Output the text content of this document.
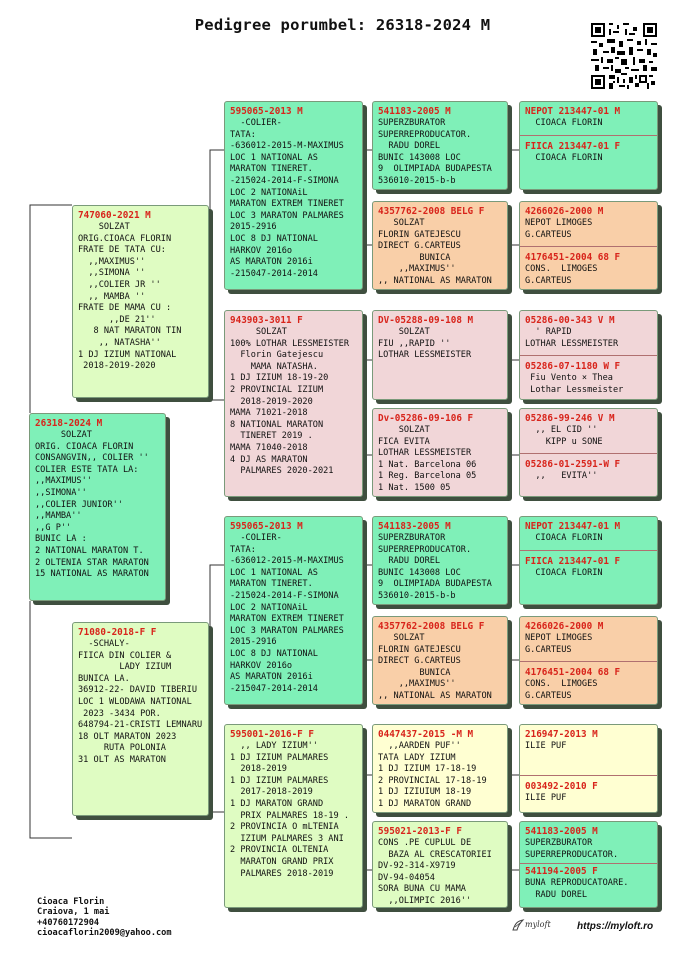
Pedigree porumbel: 26318-2024 M
26318-2024 M
SOLZAT
ORIG. CIOACA FLORIN
CONSANGVIN,, COLIER ''
COLIER ESTE TATA LA:
,,MAXIMUS''
,,SIMONA''
,,COLIER JUNIOR''
,,MAMBA''
,,G P''
BUNIC LA :
2 NATIONAL MARATON T.
2 OLTENIA STAR MARATON
15 NATIONAL AS MARATON
747060-2021 M
SOLZAT
ORIG.CIOACA FLORIN
FRATE DE TATA CU:
,,MAXIMUS''
,,SIMONA ''
,,COLIER JR ''
,, MAMBA ''
FRATE DE MAMA CU :
,,DE 21''
8 NAT MARATON TIN
,, NATASHA''
1 DJ IZIUM NATIONAL
2018-2019-2020
71080-2018-F F
-SCHALY-
FIICA DIN COLIER &
LADY IZIUM
BUNICA LA.
36912-22- DAVID TIBERIU
LOC 1 WLODAWA NATIONAL
2023 -3434 POR.
648794-21-CRISTI LEMNARU
18 OLT MARATON 2023
RUTA POLONIA
31 OLT AS MARATON
595065-2013 M
-COLIER-
TATA:
-636012-2015-M-MAXIMUS
LOC 1 NATIONAL AS
MARATON TINERET.
-215024-2014-F-SIMONA
LOC 2 NATIONAiL
MARATON EXTREM TINERET
LOC 3 MARATON PALMARES
2015-2916
LOC 8 DJ NATIONAL
HARKOV 2016o
AS MARATON 2016i
-215047-2014-2014
943903-3011 F
SOLZAT
100% LOTHAR LESSMEISTER
Florin Gatejescu
MAMA NATASHA.
1 DJ IZIUM 18-19-20
2 PROVINCIAL IZIUM
2018-2019-2020
MAMA 71021-2018
8 NATIONAL MARATON
TINERET 2019 .
MAMA 71040-2018
4 DJ AS MARATON
PALMARES 2020-2021
595065-2013 M
-COLIER-
TATA:
-636012-2015-M-MAXIMUS
LOC 1 NATIONAL AS
MARATON TINERET.
-215024-2014-F-SIMONA
LOC 2 NATIONAiL
MARATON EXTREM TINERET
LOC 3 MARATON PALMARES
2015-2916
LOC 8 DJ NATIONAL
HARKOV 2016o
AS MARATON 2016i
-215047-2014-2014
595001-2016-F F
,, LADY IZIUM''
1 DJ IZIUM PALMARES
2018-2019
1 DJ IZIUM PALMARES
2017-2018-2019
1 DJ MARATON GRAND
PRIX PALMARES 18-19 .
2 PROVINCIA O mLTENIA
IZIUM PALMARES 3 ANI
2 PROVINCIA OLTENIA
MARATON GRAND PRIX
PALMARES 2018-2019
541183-2005 M
SUPERZBURATOR
SUPERREPRODUCATOR.
RADU DOREL
BUNIC 143008 LOC
9  OLIMPIADA BUDAPESTA
536010-2015-b-b
4357762-2008 BELG F
SOLZAT
FLORIN GATEJESCU
DIRECT G.CARTEUS
BUNICA
,,MAXIMUS''
,, NATIONAL AS MARATON
DV-05288-09-108 M
SOLZAT
FIU ,,RAPID ''
LOTHAR LESSMEISTER
Dv-05286-09-106 F
SOLZAT
FICA EVITA
LOTHAR LESSMEISTER
1 Nat. Barcelona 06
1 Reg. Barcelona 05
1 Nat. 1500 05
541183-2005 M
SUPERZBURATOR
SUPERREPRODUCATOR.
RADU DOREL
BUNIC 143008 LOC
9  OLIMPIADA BUDAPESTA
536010-2015-b-b
4357762-2008 BELG F
SOLZAT
FLORIN GATEJESCU
DIRECT G.CARTEUS
BUNICA
,,MAXIMUS''
,, NATIONAL AS MARATON
0447437-2015 -M M
,,AARDEN PUF''
TATA LADY IZIUM
1 DJ IZIUM 17-18-19
2 PROVINCIAL 17-18-19
1 DJ IZIUIUM 18-19
1 DJ MARATON GRAND
595021-2013-F F
CONS .PE CUPLUL DE
BAZA AL CRESCATORIEI
DV-92-314-X9719
DV-94-04054
SORA BUNA CU MAMA
,,OLIMPIC 2016''
NEPOT 213447-01 M
CIOACA FLORIN
FIICA 213447-01 F
CIOACA FLORIN
4266026-2000 M
NEPOT LIMOGES
G.CARTEUS
4176451-2004 68 F
CONS.  LIMOGES
G.CARTEUS
05286-00-343 V M
' RAPID
LOTHAR LESSMEISTER
05286-07-1180 W F
Fiu Vento × Thea
Lothar Lessmeister
05286-99-246 V M
,, EL CID ''
KIPP u SONE
05286-01-2591-W F
,,   EVITA''
NEPOT 213447-01 M
CIOACA FLORIN
FIICA 213447-01 F
CIOACA FLORIN
4266026-2000 M
NEPOT LIMOGES
G.CARTEUS
4176451-2004 68 F
CONS.  LIMOGES
G.CARTEUS
216947-2013 M
ILIE PUF
003492-2010 F
ILIE PUF
541183-2005 M
SUPERZBURATOR
SUPERREPRODUCATOR.
541194-2005 F
BUNA REPRODUCATOARE.
RADU DOREL
Cioaca Florin
Craiova, 1 mai
+40760172904
cioacaflorin2009@yahoo.com
myloft	https://myloft.ro
